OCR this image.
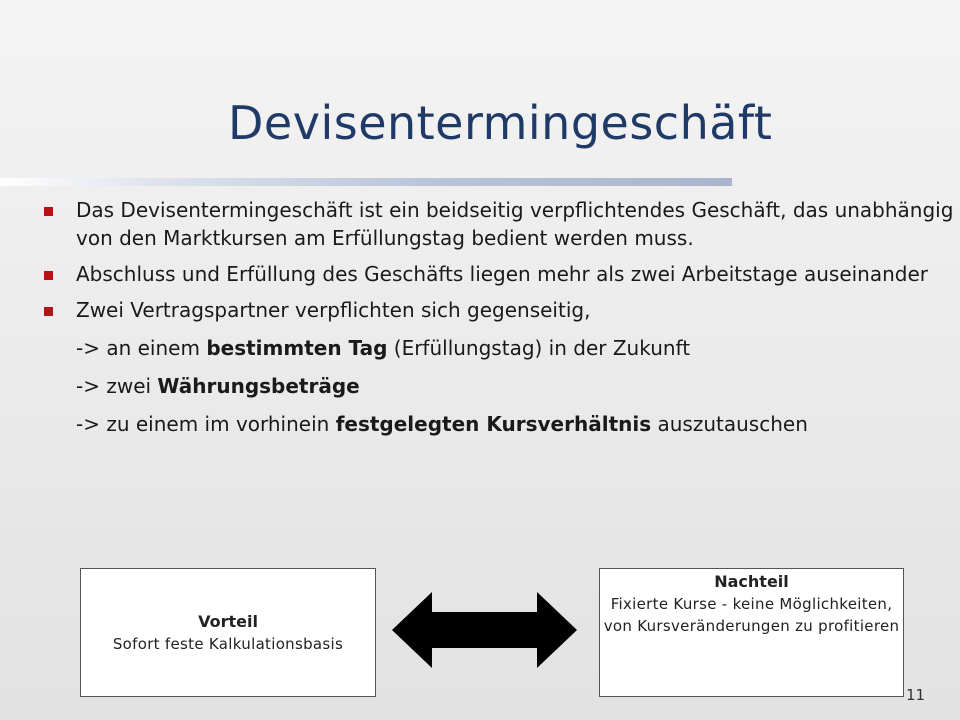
Devisentermingeschäft
Das Devisentermingeschäft ist ein beidseitig verpflichtendes Geschäft, das unabhängig von den Marktkursen am Erfüllungstag bedient werden muss.
Abschluss und Erfüllung des Geschäfts liegen mehr als zwei Arbeitstage auseinander
Zwei Vertragspartner verpflichten sich gegenseitig,
-> an einem bestimmten Tag (Erfüllungstag) in der Zukunft
-> zwei Währungsbeträge
-> zu einem im vorhinein festgelegten Kursverhältnis auszutauschen
Vorteil
Sofort feste Kalkulationsbasis
Nachteil
Fixierte Kurse - keine Möglichkeiten, von Kursveränderungen zu profitieren
11
